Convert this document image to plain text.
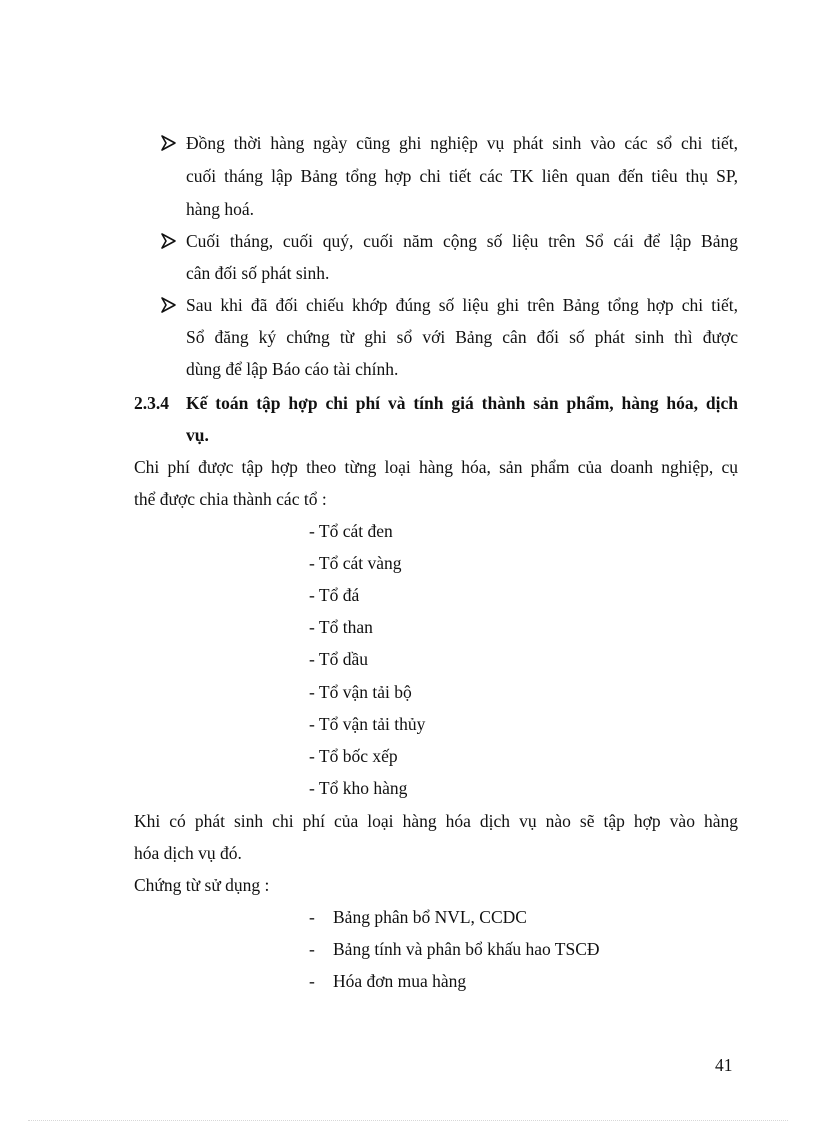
Đồng thời hàng ngày cũng ghi nghiệp vụ phát sinh vào các sổ chi tiết,
cuối tháng lập Bảng tổng hợp chi tiết các TK liên quan đến tiêu thụ SP,
hàng hoá.
Cuối tháng, cuối quý, cuối năm cộng số liệu trên Sổ cái để lập Bảng
cân đối số phát sinh.
Sau khi đã đối chiếu khớp đúng số liệu ghi trên Bảng tổng hợp chi tiết,
Sổ đăng ký chứng từ ghi sổ với Bảng cân đối số phát sinh thì được
dùng để lập Báo cáo tài chính.
2.3.4 Kế toán tập hợp chi phí và tính giá thành sản phẩm, hàng hóa, dịch
vụ.
Chi phí được tập hợp theo từng loại hàng hóa, sản phẩm của doanh nghiệp, cụ
thể được chia thành các tổ :
- Tổ cát đen
- Tổ cát vàng
- Tổ đá
- Tổ than
- Tổ dầu
- Tổ vận tải bộ
- Tổ vận tải thủy
- Tổ bốc xếp
- Tổ kho hàng
Khi có phát sinh chi phí của loại hàng hóa dịch vụ nào sẽ tập hợp vào hàng
hóa dịch vụ đó.
Chứng từ sử dụng :
- Bảng phân bổ NVL, CCDC
- Bảng tính và phân bổ khấu hao TSCĐ
- Hóa đơn mua hàng
41
